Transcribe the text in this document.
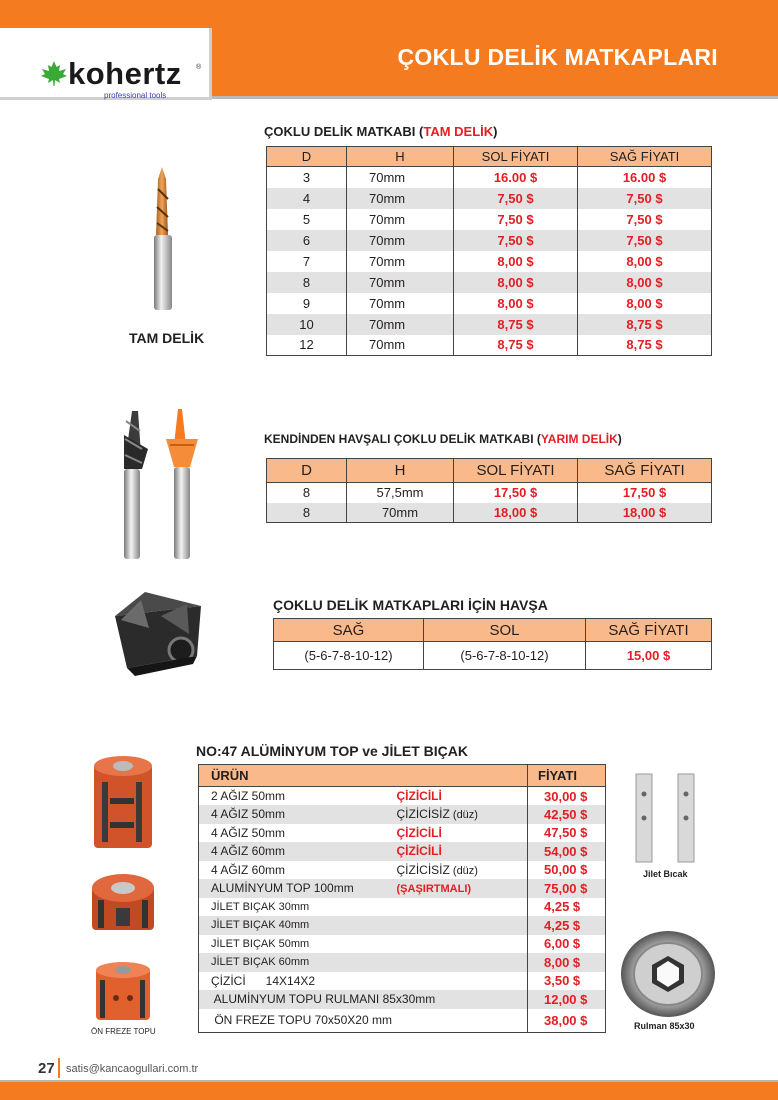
kohertz ®
professional tools
ÇOKLU DELİK MATKAPLARI
ÇOKLU DELİK MATKABI (TAM DELİK)
TAM DELİK
D	H	SOL FİYATI	SAĞ FİYATI
3	70mm	16.00 $	16.00 $
4	70mm	7,50 $	7,50 $
5	70mm	7,50 $	7,50 $
6	70mm	7,50 $	7,50 $
7	70mm	8,00 $	8,00 $
8	70mm	8,00 $	8,00 $
9	70mm	8,00 $	8,00 $
10	70mm	8,75 $	8,75 $
12	70mm	8,75 $	8,75 $
KENDİNDEN HAVŞALI ÇOKLU DELİK MATKABI (YARIM DELİK)
D	H	SOL FİYATI	SAĞ FİYATI
8	57,5mm	17,50 $	17,50 $
8	70mm	18,00 $	18,00 $
ÇOKLU DELİK MATKAPLARI İÇİN HAVŞA
SAĞ	SOL	SAĞ FİYATI
(5-6-7-8-10-12)	(5-6-7-8-10-12)	15,00 $
NO:47 ALÜMİNYUM TOP ve JİLET BIÇAK
ÖN FREZE TOPU
ÜRÜN		FİYATI
2 AĞIZ 50mm	ÇİZİCİLİ	30,00 $
4 AĞIZ 50mm	ÇİZİCİSİZ (düz)	42,50 $
4 AĞIZ 50mm	ÇİZİCİLİ	47,50 $
4 AĞIZ 60mm	ÇİZİCİLİ	54,00 $
4 AĞIZ 60mm	ÇİZİCİSİZ (düz)	50,00 $
ALUMİNYUM TOP 100mm	(ŞAŞIRTMALI)	75,00 $
JİLET BIÇAK 30mm		4,25 $
JİLET BIÇAK 40mm		4,25 $
JİLET BIÇAK 50mm		6,00 $
JİLET BIÇAK 60mm		8,00 $
ÇİZİCİ      14X14X2		3,50 $
ALUMİNYUM TOPU RULMANI 85x30mm		12,00 $
ÖN FREZE TOPU 70x50X20 mm		38,00 $
Jilet Bıcak
Rulman 85x30
27 satis@kancaogullari.com.tr
